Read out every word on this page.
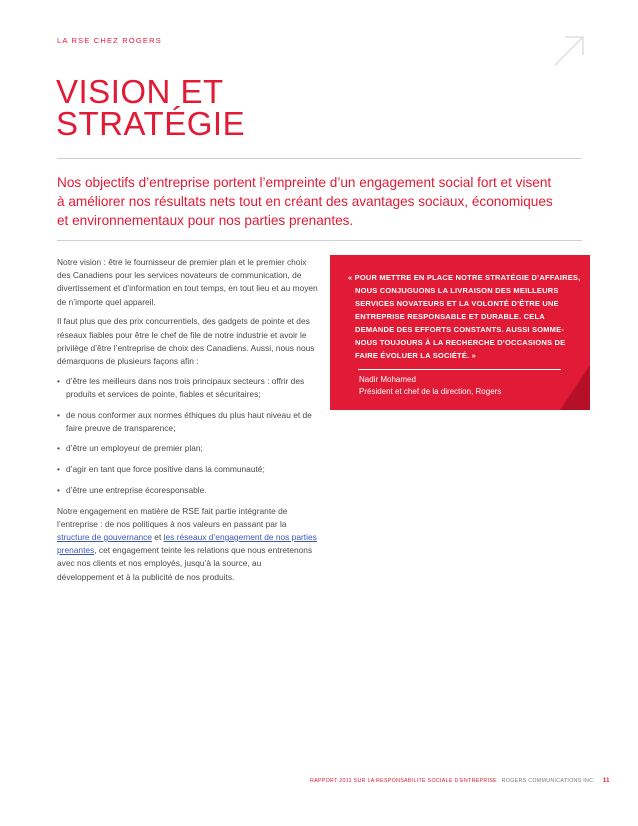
LA RSE CHEZ ROGERS
VISION ET
STRATÉGIE

Nos objectifs d’entreprise portent l’empreinte d’un engagement social fort et visent à améliorer nos résultats nets tout en créant des avantages sociaux, économiques et environnementaux pour nos parties prenantes.

Notre vision : être le fournisseur de premier plan et le premier choix des Canadiens pour les services novateurs de communication, de divertissement et d’information en tout temps, en tout lieu et au moyen de n’importe quel appareil.

Il faut plus que des prix concurrentiels, des gadgets de pointe et des réseaux fiables pour être le chef de file de notre industrie et avoir le privilège d’être l’entreprise de choix des Canadiens. Aussi, nous nous démarquons de plusieurs façons afin :

• d’être les meilleurs dans nos trois principaux secteurs : offrir des produits et services de pointe, fiables et sécuritaires;
• de nous conformer aux normes éthiques du plus haut niveau et de faire preuve de transparence;
• d’être un employeur de premier plan;
• d’agir en tant que force positive dans la communauté;
• d’être une entreprise écoresponsable.

Notre engagement en matière de RSE fait partie intégrante de l’entreprise : de nos politiques à nos valeurs en passant par la structure de gouvernance et les réseaux d’engagement de nos parties prenantes, cet engagement teinte les relations que nous entretenons avec nos clients et nos employés, jusqu’à la source, au développement et à la publicité de nos produits.

« POUR METTRE EN PLACE NOTRE STRATÉGIE D’AFFAIRES,
NOUS CONJUGUONS LA LIVRAISON DES MEILLEURS
SERVICES NOVATEURS ET LA VOLONTÉ D’ÊTRE UNE
ENTREPRISE RESPONSABLE ET DURABLE. CELA
DEMANDE DES EFFORTS CONSTANTS. AUSSI SOMME-
NOUS TOUJOURS À LA RECHERCHE D’OCCASIONS DE
FAIRE ÉVOLUER LA SOCIÉTÉ. »

Nadir Mohamed
Président et chef de la direction, Rogers
RAPPORT 2011 SUR LA RESPONSABILITÉ SOCIALE D’ENTREPRISE ROGERS COMMUNICATIONS INC. 11
